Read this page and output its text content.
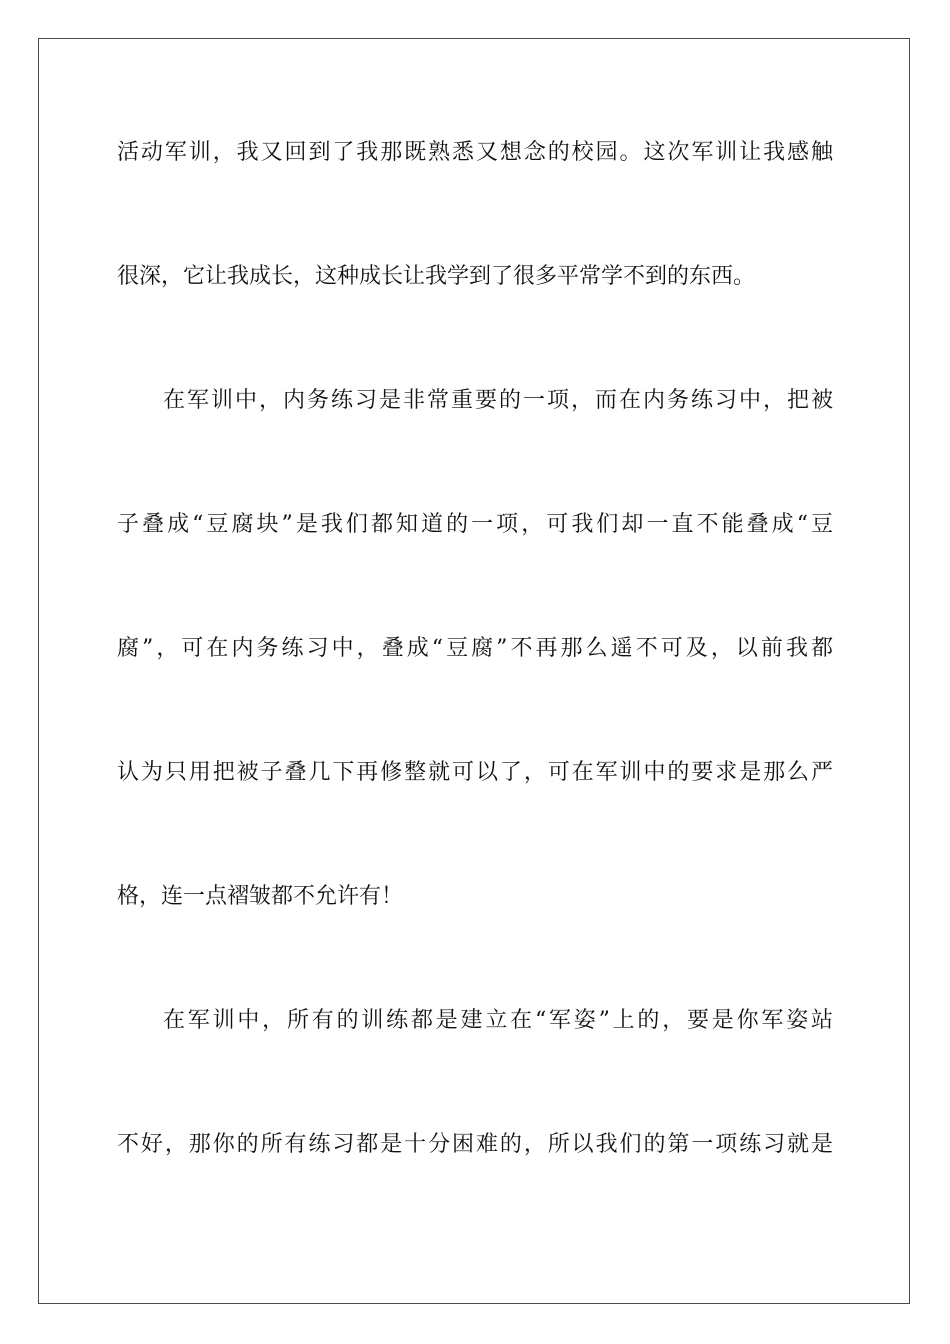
活动军训，我又回到了我那既熟悉又想念的校园。这次军训让我感触

很深，它让我成长，这种成长让我学到了很多平常学不到的东西。

在军训中，内务练习是非常重要的一项，而在内务练习中，把被

子叠成“豆腐块”是我们都知道的一项，可我们却一直不能叠成“豆

腐”，可在内务练习中，叠成“豆腐”不再那么遥不可及，以前我都

认为只用把被子叠几下再修整就可以了，可在军训中的要求是那么严

格，连一点褶皱都不允许有！

在军训中，所有的训练都是建立在“军姿”上的，要是你军姿站

不好，那你的所有练习都是十分困难的，所以我们的第一项练习就是
